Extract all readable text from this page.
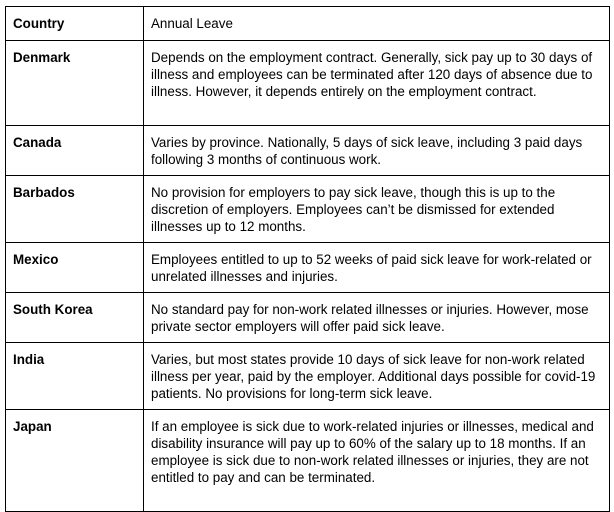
Country	Annual Leave
Denmark	Depends on the employment contract. Generally, sick pay up to 30 days of illness and employees can be terminated after 120 days of absence due to illness. However, it depends entirely on the employment contract.
Canada	Varies by province. Nationally, 5 days of sick leave, including 3 paid days following 3 months of continuous work.
Barbados	No provision for employers to pay sick leave, though this is up to the discretion of employers. Employees can’t be dismissed for extended illnesses up to 12 months.
Mexico	Employees entitled to up to 52 weeks of paid sick leave for work-related or unrelated illnesses and injuries.
South Korea	No standard pay for non-work related illnesses or injuries. However, mose private sector employers will offer paid sick leave.
India	Varies, but most states provide 10 days of sick leave for non-work related illness per year, paid by the employer. Additional days possible for covid-19 patients. No provisions for long-term sick leave.
Japan	If an employee is sick due to work-related injuries or illnesses, medical and disability insurance will pay up to 60% of the salary up to 18 months. If an employee is sick due to non-work related illnesses or injuries, they are not entitled to pay and can be terminated.
